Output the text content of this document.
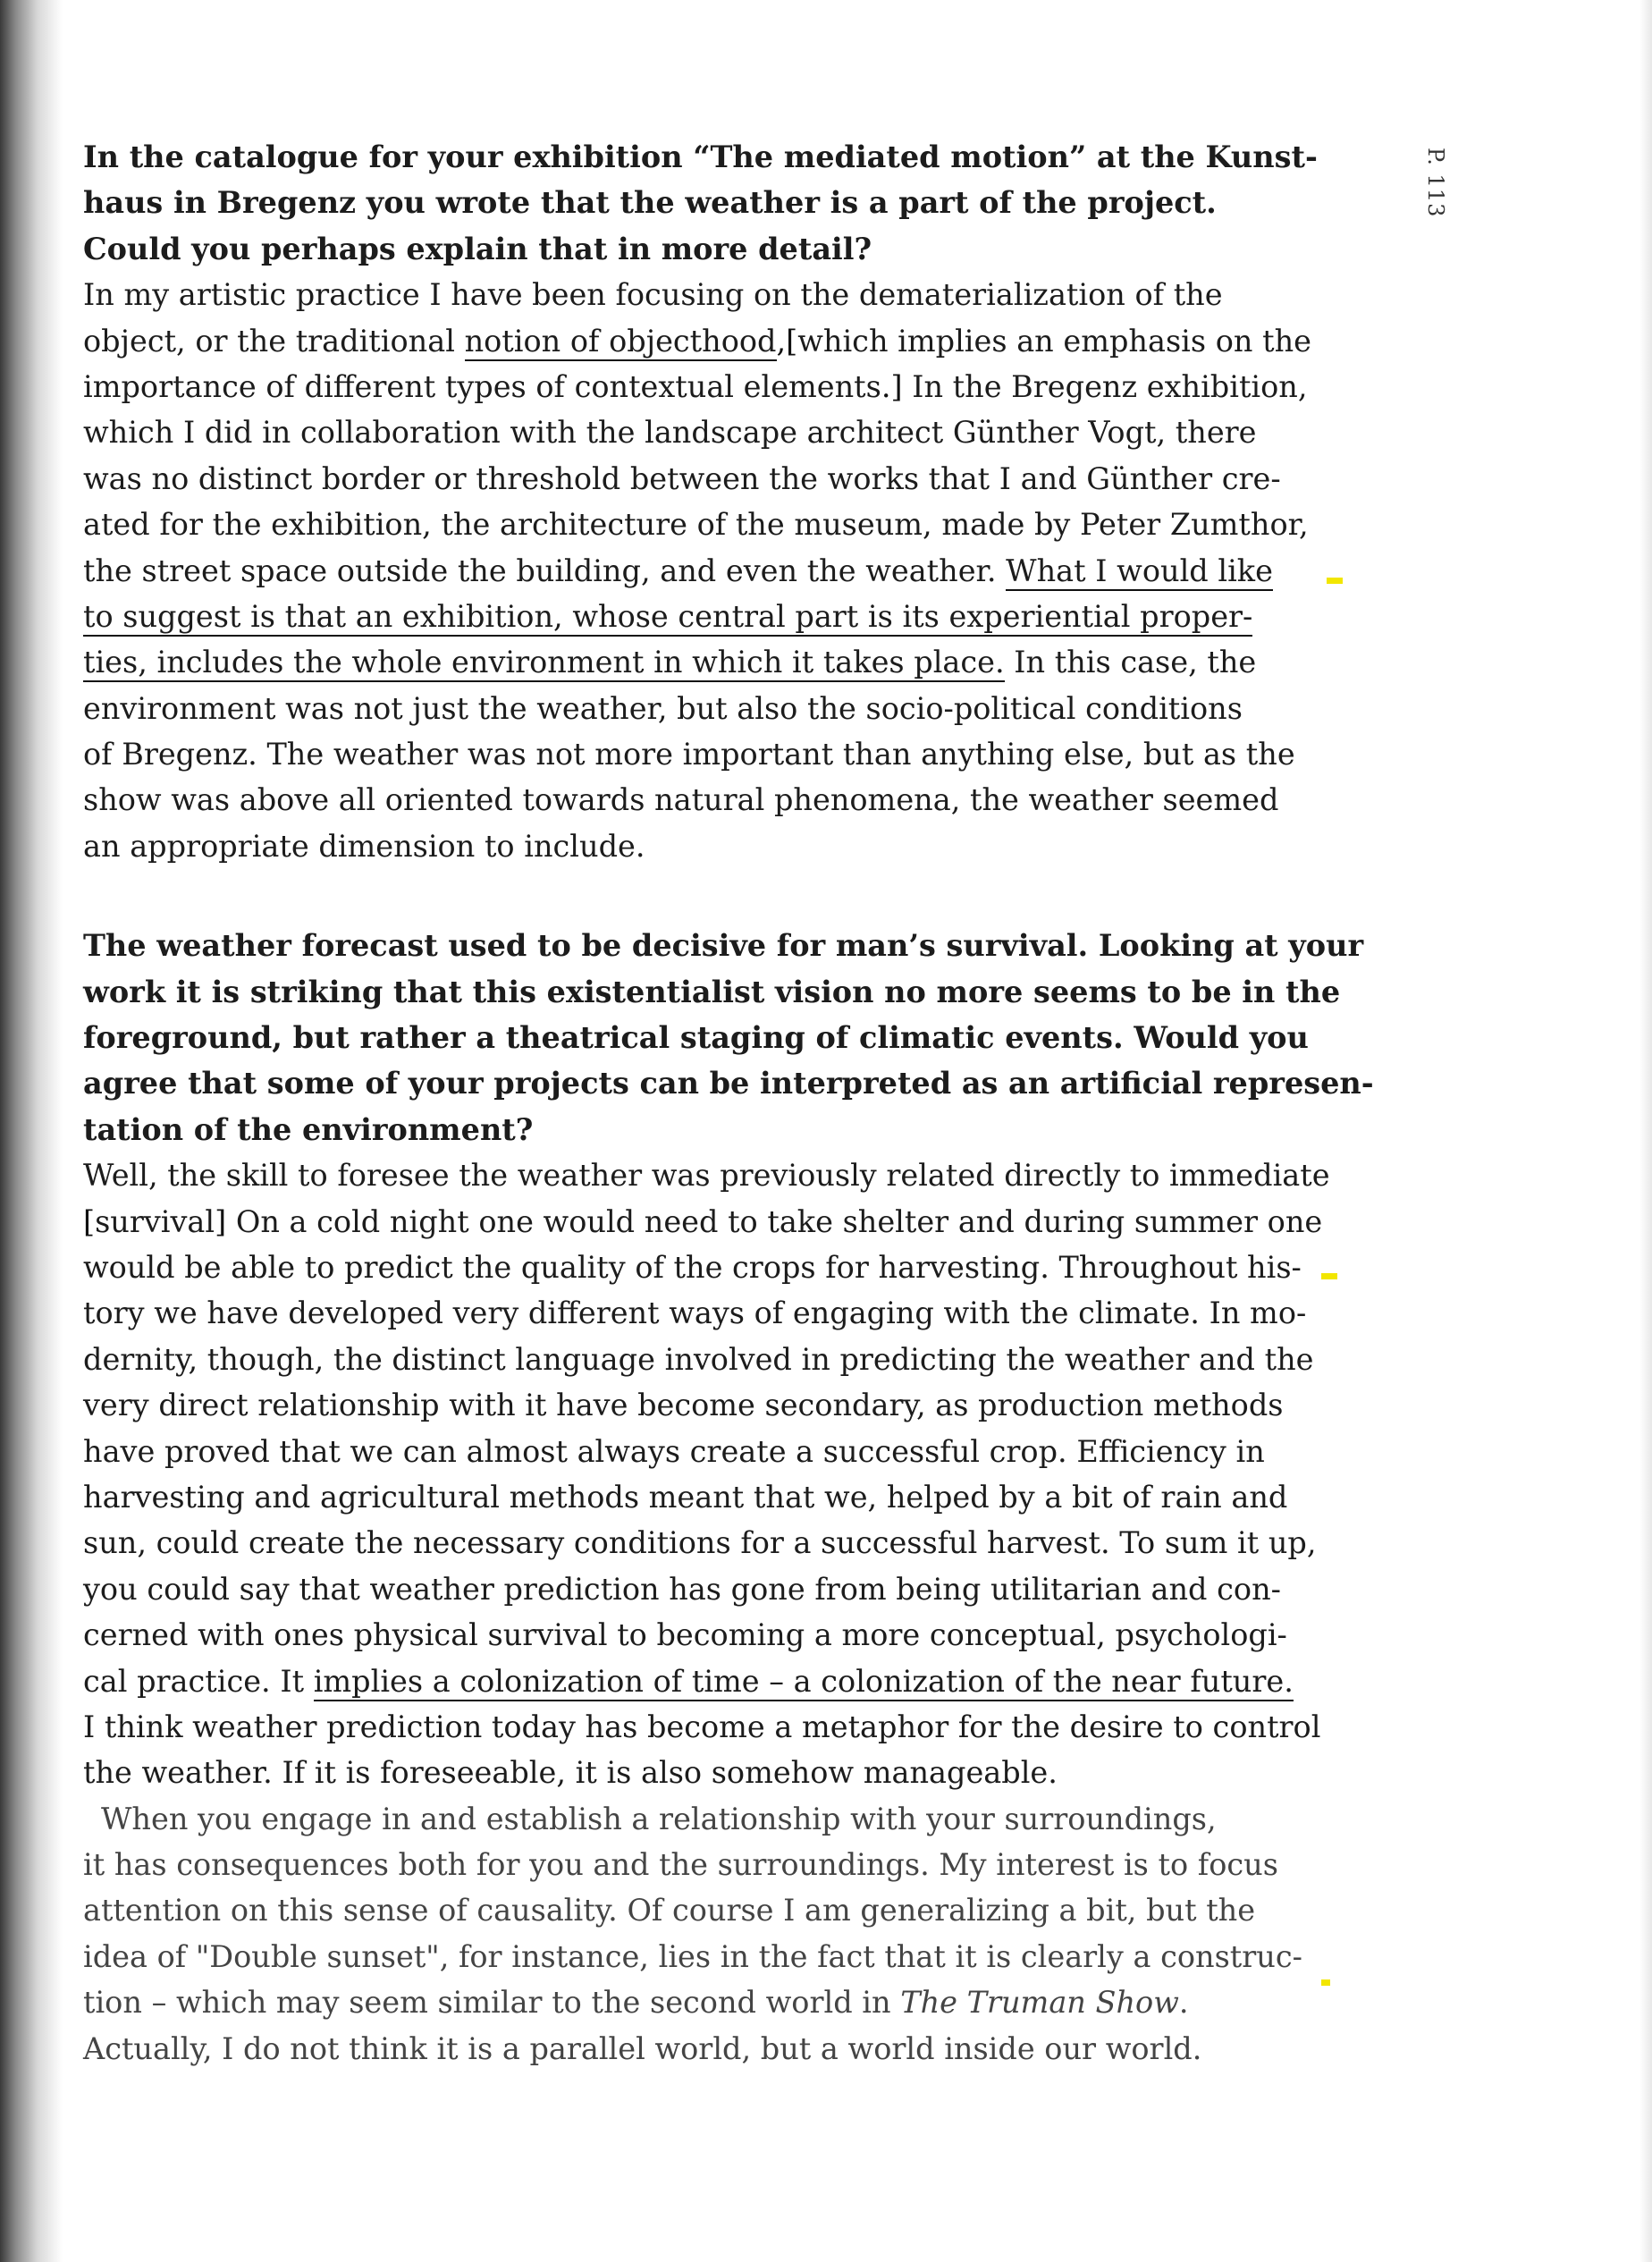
P. 113
In the catalogue for your exhibition “The mediated motion” at the Kunst-
haus in Bregenz you wrote that the weather is a part of the project.
Could you perhaps explain that in more detail?
In my artistic practice I have been focusing on the dematerialization of the
object, or the traditional notion of objecthood,[which implies an emphasis on the
importance of different types of contextual elements.] In the Bregenz exhibition,
which I did in collaboration with the landscape architect Günther Vogt, there
was no distinct border or threshold between the works that I and Günther cre-
ated for the exhibition, the architecture of the museum, made by Peter Zumthor,
the street space outside the building, and even the weather. What I would like
to suggest is that an exhibition, whose central part is its experiential proper-
ties, includes the whole environment in which it takes place. In this case, the
environment was not just the weather, but also the socio-political conditions
of Bregenz. The weather was not more important than anything else, but as the
show was above all oriented towards natural phenomena, the weather seemed
an appropriate dimension to include.
The weather forecast used to be decisive for man’s survival. Looking at your
work it is striking that this existentialist vision no more seems to be in the
foreground, but rather a theatrical staging of climatic events. Would you
agree that some of your projects can be interpreted as an artificial represen-
tation of the environment?
Well, the skill to foresee the weather was previously related directly to immediate
[survival] On a cold night one would need to take shelter and during summer one
would be able to predict the quality of the crops for harvesting. Throughout his-
tory we have developed very different ways of engaging with the climate. In mo-
dernity, though, the distinct language involved in predicting the weather and the
very direct relationship with it have become secondary, as production methods
have proved that we can almost always create a successful crop. Efficiency in
harvesting and agricultural methods meant that we, helped by a bit of rain and
sun, could create the necessary conditions for a successful harvest. To sum it up,
you could say that weather prediction has gone from being utilitarian and con-
cerned with ones physical survival to becoming a more conceptual, psychologi-
cal practice. It implies a colonization of time – a colonization of the near future.
I think weather prediction today has become a metaphor for the desire to control
the weather. If it is foreseeable, it is also somehow manageable.
When you engage in and establish a relationship with your surroundings,
it has consequences both for you and the surroundings. My interest is to focus
attention on this sense of causality. Of course I am generalizing a bit, but the
idea of "Double sunset", for instance, lies in the fact that it is clearly a construc-
tion – which may seem similar to the second world in The Truman Show.
Actually, I do not think it is a parallel world, but a world inside our world.
